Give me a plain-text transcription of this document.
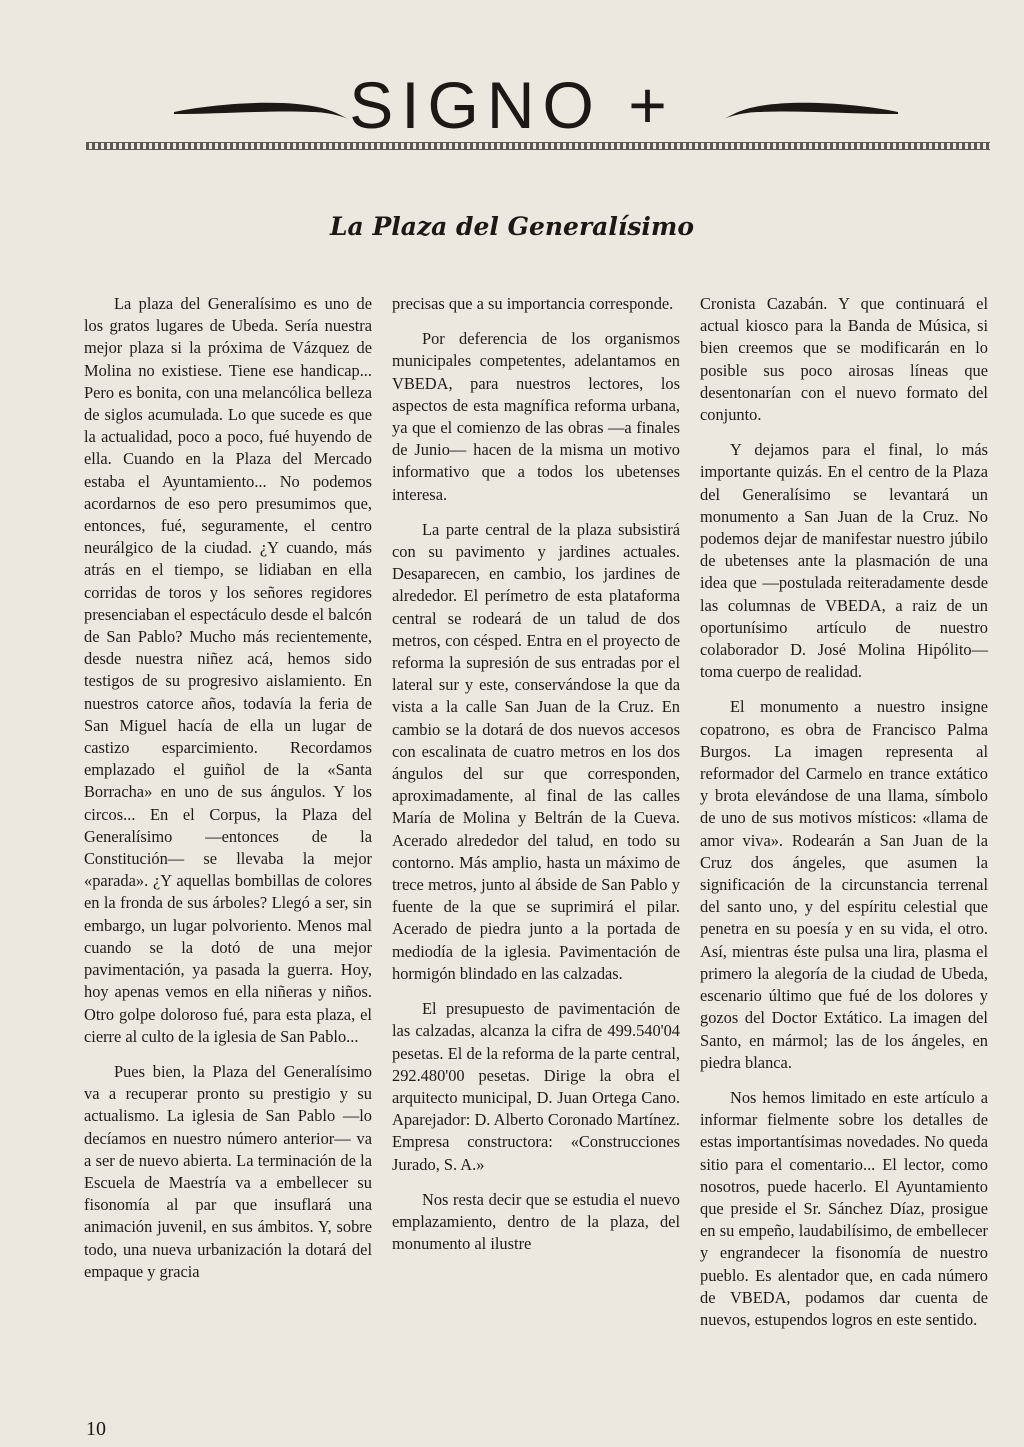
SIGNO +
La Plaza del Generalísimo

La plaza del Generalísimo es uno de los gratos lugares de Ubeda. Sería nuestra mejor plaza si la próxima de Vázquez de Molina no existiese. Tiene ese handicap... Pero es bonita, con una melancólica belleza de siglos acumulada. Lo que sucede es que la actualidad, poco a poco, fué huyendo de ella. Cuando en la Plaza del Mercado estaba el Ayuntamiento... No podemos acordarnos de eso pero presumimos que, entonces, fué, seguramente, el centro neurálgico de la ciudad. ¿Y cuando, más atrás en el tiempo, se lidiaban en ella corridas de toros y los señores regidores presenciaban el espectáculo desde el balcón de San Pablo? Mucho más recientemente, desde nuestra niñez acá, hemos sido testigos de su progresivo aislamiento. En nuestros catorce años, todavía la feria de San Miguel hacía de ella un lugar de castizo esparcimiento. Recordamos emplazado el guiñol de la «Santa Borracha» en uno de sus ángulos. Y los circos... En el Corpus, la Plaza del Generalísimo —entonces de la Constitución— se llevaba la mejor «parada». ¿Y aquellas bombillas de colores en la fronda de sus árboles? Llegó a ser, sin embargo, un lugar polvoriento. Menos mal cuando se la dotó de una mejor pavimentación, ya pasada la guerra. Hoy, hoy apenas vemos en ella niñeras y niños. Otro golpe doloroso fué, para esta plaza, el cierre al culto de la iglesia de San Pablo...

Pues bien, la Plaza del Generalísimo va a recuperar pronto su prestigio y su actualismo. La iglesia de San Pablo —lo decíamos en nuestro número anterior— va a ser de nuevo abierta. La terminación de la Escuela de Maestría va a embellecer su fisonomía al par que insuflará una animación juvenil, en sus ámbitos. Y, sobre todo, una nueva urbanización la dotará del empaque y gracia

precisas que a su importancia corresponde.

Por deferencia de los organismos municipales competentes, adelantamos en VBEDA, para nuestros lectores, los aspectos de esta magnífica reforma urbana, ya que el comienzo de las obras —a finales de Junio— hacen de la misma un motivo informativo que a todos los ubetenses interesa.

La parte central de la plaza subsistirá con su pavimento y jardines actuales. Desaparecen, en cambio, los jardines de alrededor. El perímetro de esta plataforma central se rodeará de un talud de dos metros, con césped. Entra en el proyecto de reforma la supresión de sus entradas por el lateral sur y este, conservándose la que da vista a la calle San Juan de la Cruz. En cambio se la dotará de dos nuevos accesos con escalinata de cuatro metros en los dos ángulos del sur que corresponden, aproximadamente, al final de las calles María de Molina y Beltrán de la Cueva. Acerado alrededor del talud, en todo su contorno. Más amplio, hasta un máximo de trece metros, junto al ábside de San Pablo y fuente de la que se suprimirá el pilar. Acerado de piedra junto a la portada de mediodía de la iglesia. Pavimentación de hormigón blindado en las calzadas.

El presupuesto de pavimentación de las calzadas, alcanza la cifra de 499.540'04 pesetas. El de la reforma de la parte central, 292.480'00 pesetas. Dirige la obra el arquitecto municipal, D. Juan Ortega Cano. Aparejador: D. Alberto Coronado Martínez. Empresa constructora: «Construcciones Jurado, S. A.»

Nos resta decir que se estudia el nuevo emplazamiento, dentro de la plaza, del monumento al ilustre

Cronista Cazabán. Y que continuará el actual kiosco para la Banda de Música, si bien creemos que se modificarán en lo posible sus poco airosas líneas que desentonarían con el nuevo formato del conjunto.

Y dejamos para el final, lo más importante quizás. En el centro de la Plaza del Generalísimo se levantará un monumento a San Juan de la Cruz. No podemos dejar de manifestar nuestro júbilo de ubetenses ante la plasmación de una idea que —postulada reiteradamente desde las columnas de VBEDA, a raiz de un oportunísimo artículo de nuestro colaborador D. José Molina Hipólito— toma cuerpo de realidad.

El monumento a nuestro insigne copatrono, es obra de Francisco Palma Burgos. La imagen representa al reformador del Carmelo en trance extático y brota elevándose de una llama, símbolo de uno de sus motivos místicos: «llama de amor viva». Rodearán a San Juan de la Cruz dos ángeles, que asumen la significación de la circunstancia terrenal del santo uno, y del espíritu celestial que penetra en su poesía y en su vida, el otro. Así, mientras éste pulsa una lira, plasma el primero la alegoría de la ciudad de Ubeda, escenario último que fué de los dolores y gozos del Doctor Extático. La imagen del Santo, en mármol; las de los ángeles, en piedra blanca.

Nos hemos limitado en este artículo a informar fielmente sobre los detalles de estas importantísimas novedades. No queda sitio para el comentario... El lector, como nosotros, puede hacerlo. El Ayuntamiento que preside el Sr. Sánchez Díaz, prosigue en su empeño, laudabilísimo, de embellecer y engrandecer la fisonomía de nuestro pueblo. Es alentador que, en cada número de VBEDA, podamos dar cuenta de nuevos, estupendos logros en este sentido.

10
